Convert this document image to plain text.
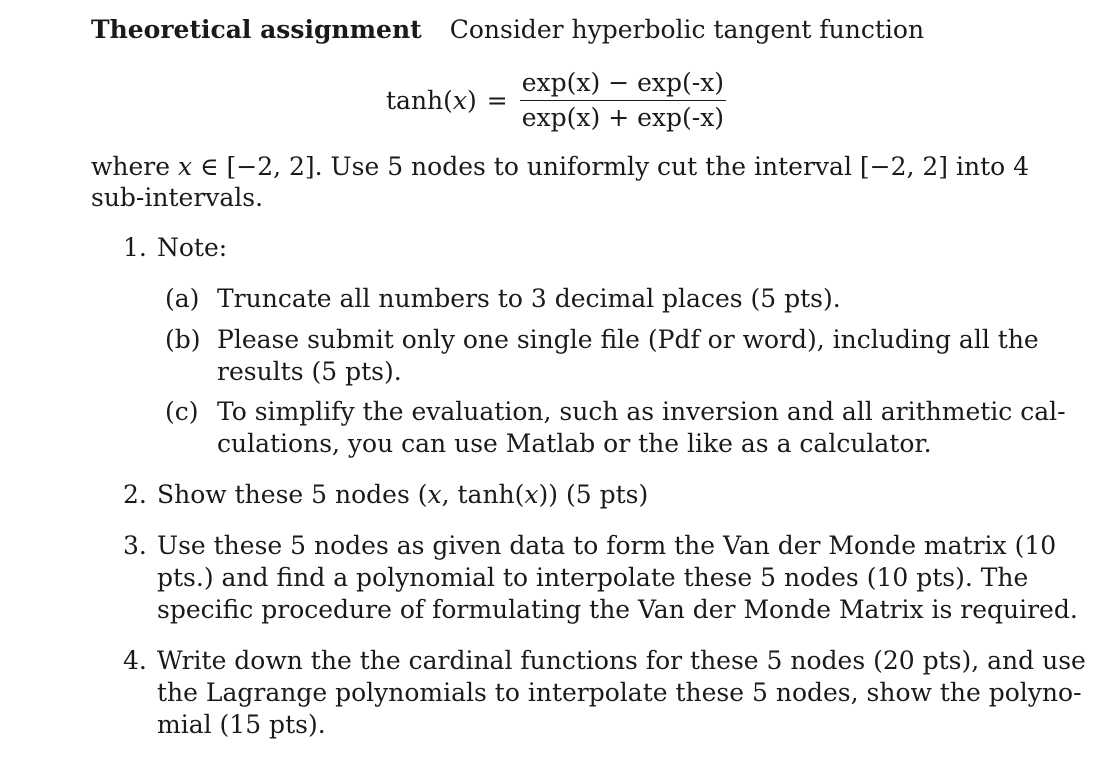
Theoretical assignment Consider hyperbolic tangent function
$\tanh(x) = \frac{\exp(x) - \exp(-x)}{\exp(x) + \exp(-x)}$
where x ∈ [−2, 2]. Use 5 nodes to uniformly cut the interval [−2, 2] into 4
sub-intervals.
1. Note:
(a) Truncate all numbers to 3 decimal places (5 pts).
(b) Please submit only one single file (Pdf or word), including all the
results (5 pts).
(c) To simplify the evaluation, such as inversion and all arithmetic cal-
culations, you can use Matlab or the like as a calculator.
2. Show these 5 nodes (x, tanh(x)) (5 pts)
3. Use these 5 nodes as given data to form the Van der Monde matrix (10
pts.) and find a polynomial to interpolate these 5 nodes (10 pts). The
specific procedure of formulating the Van der Monde Matrix is required.
4. Write down the the cardinal functions for these 5 nodes (20 pts), and use
the Lagrange polynomials to interpolate these 5 nodes, show the polyno-
mial (15 pts).
